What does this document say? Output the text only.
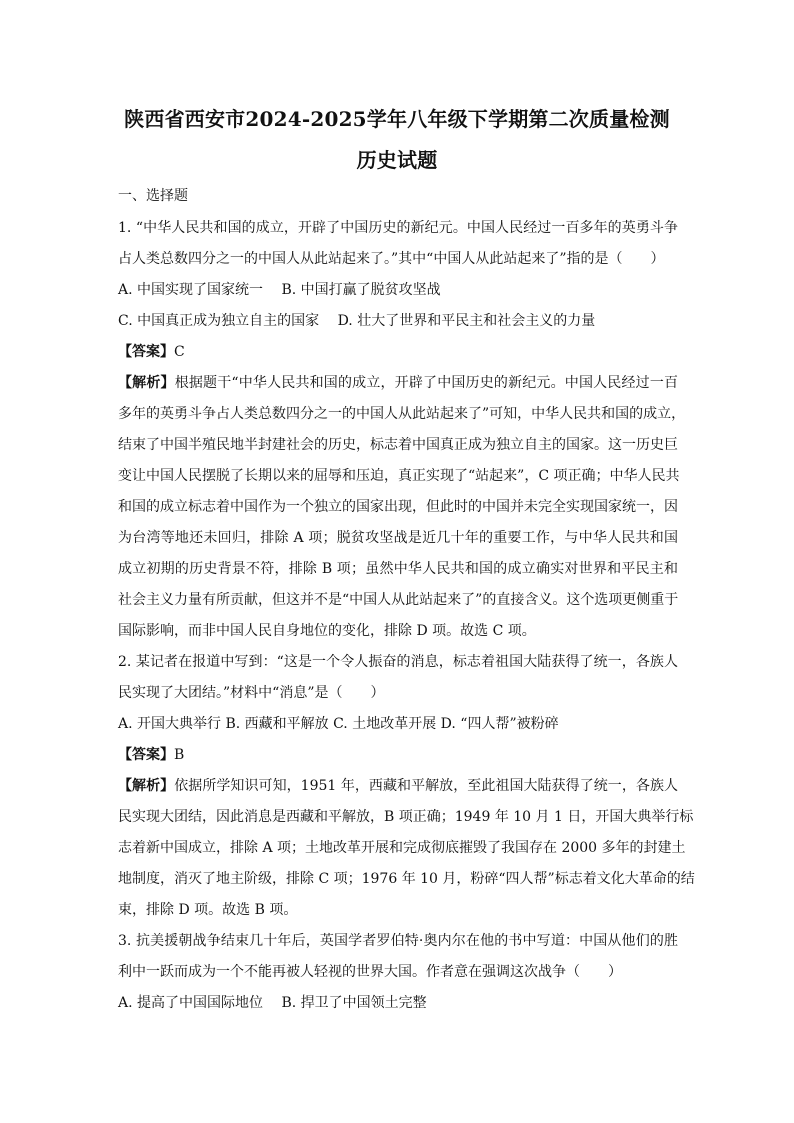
陕西省西安市2024-2025学年八年级下学期第二次质量检测
历史试题
一、选择题
1. “中华人民共和国的成立，开辟了中国历史的新纪元。中国人民经过一百多年的英勇斗争
占人类总数四分之一的中国人从此站起来了。”其中“中国人从此站起来了”指的是（　　）
A. 中国实现了国家统一　 B. 中国打赢了脱贫攻坚战
C. 中国真正成为独立自主的国家　 D. 壮大了世界和平民主和社会主义的力量
【答案】C
【解析】根据题干“中华人民共和国的成立，开辟了中国历史的新纪元。中国人民经过一百
多年的英勇斗争占人类总数四分之一的中国人从此站起来了”可知，中华人民共和国的成立，
结束了中国半殖民地半封建社会的历史，标志着中国真正成为独立自主的国家。这一历史巨
变让中国人民摆脱了长期以来的屈辱和压迫，真正实现了“站起来”，C 项正确；中华人民共
和国的成立标志着中国作为一个独立的国家出现，但此时的中国并未完全实现国家统一，因
为台湾等地还未回归，排除 A 项；脱贫攻坚战是近几十年的重要工作，与中华人民共和国
成立初期的历史背景不符，排除 B 项；虽然中华人民共和国的成立确实对世界和平民主和
社会主义力量有所贡献，但这并不是“中国人从此站起来了”的直接含义。这个选项更侧重于
国际影响，而非中国人民自身地位的变化，排除 D 项。故选 C 项。
2. 某记者在报道中写到：“这是一个令人振奋的消息，标志着祖国大陆获得了统一，各族人
民实现了大团结。”材料中“消息”是（　　）
A. 开国大典举行 B. 西藏和平解放 C. 土地改革开展 D. “四人帮”被粉碎
【答案】B
【解析】依据所学知识可知，1951 年，西藏和平解放，至此祖国大陆获得了统一，各族人
民实现大团结，因此消息是西藏和平解放，B 项正确；1949 年 10 月 1 日，开国大典举行标
志着新中国成立，排除 A 项；土地改革开展和完成彻底摧毁了我国存在 2000 多年的封建土
地制度，消灭了地主阶级，排除 C 项；1976 年 10 月，粉碎“四人帮”标志着文化大革命的结
束，排除 D 项。故选 B 项。
3. 抗美援朝战争结束几十年后，英国学者罗伯特·奥内尔在他的书中写道：中国从他们的胜
利中一跃而成为一个不能再被人轻视的世界大国。作者意在强调这次战争（　　）
A. 提高了中国国际地位　 B. 捍卫了中国领土完整
